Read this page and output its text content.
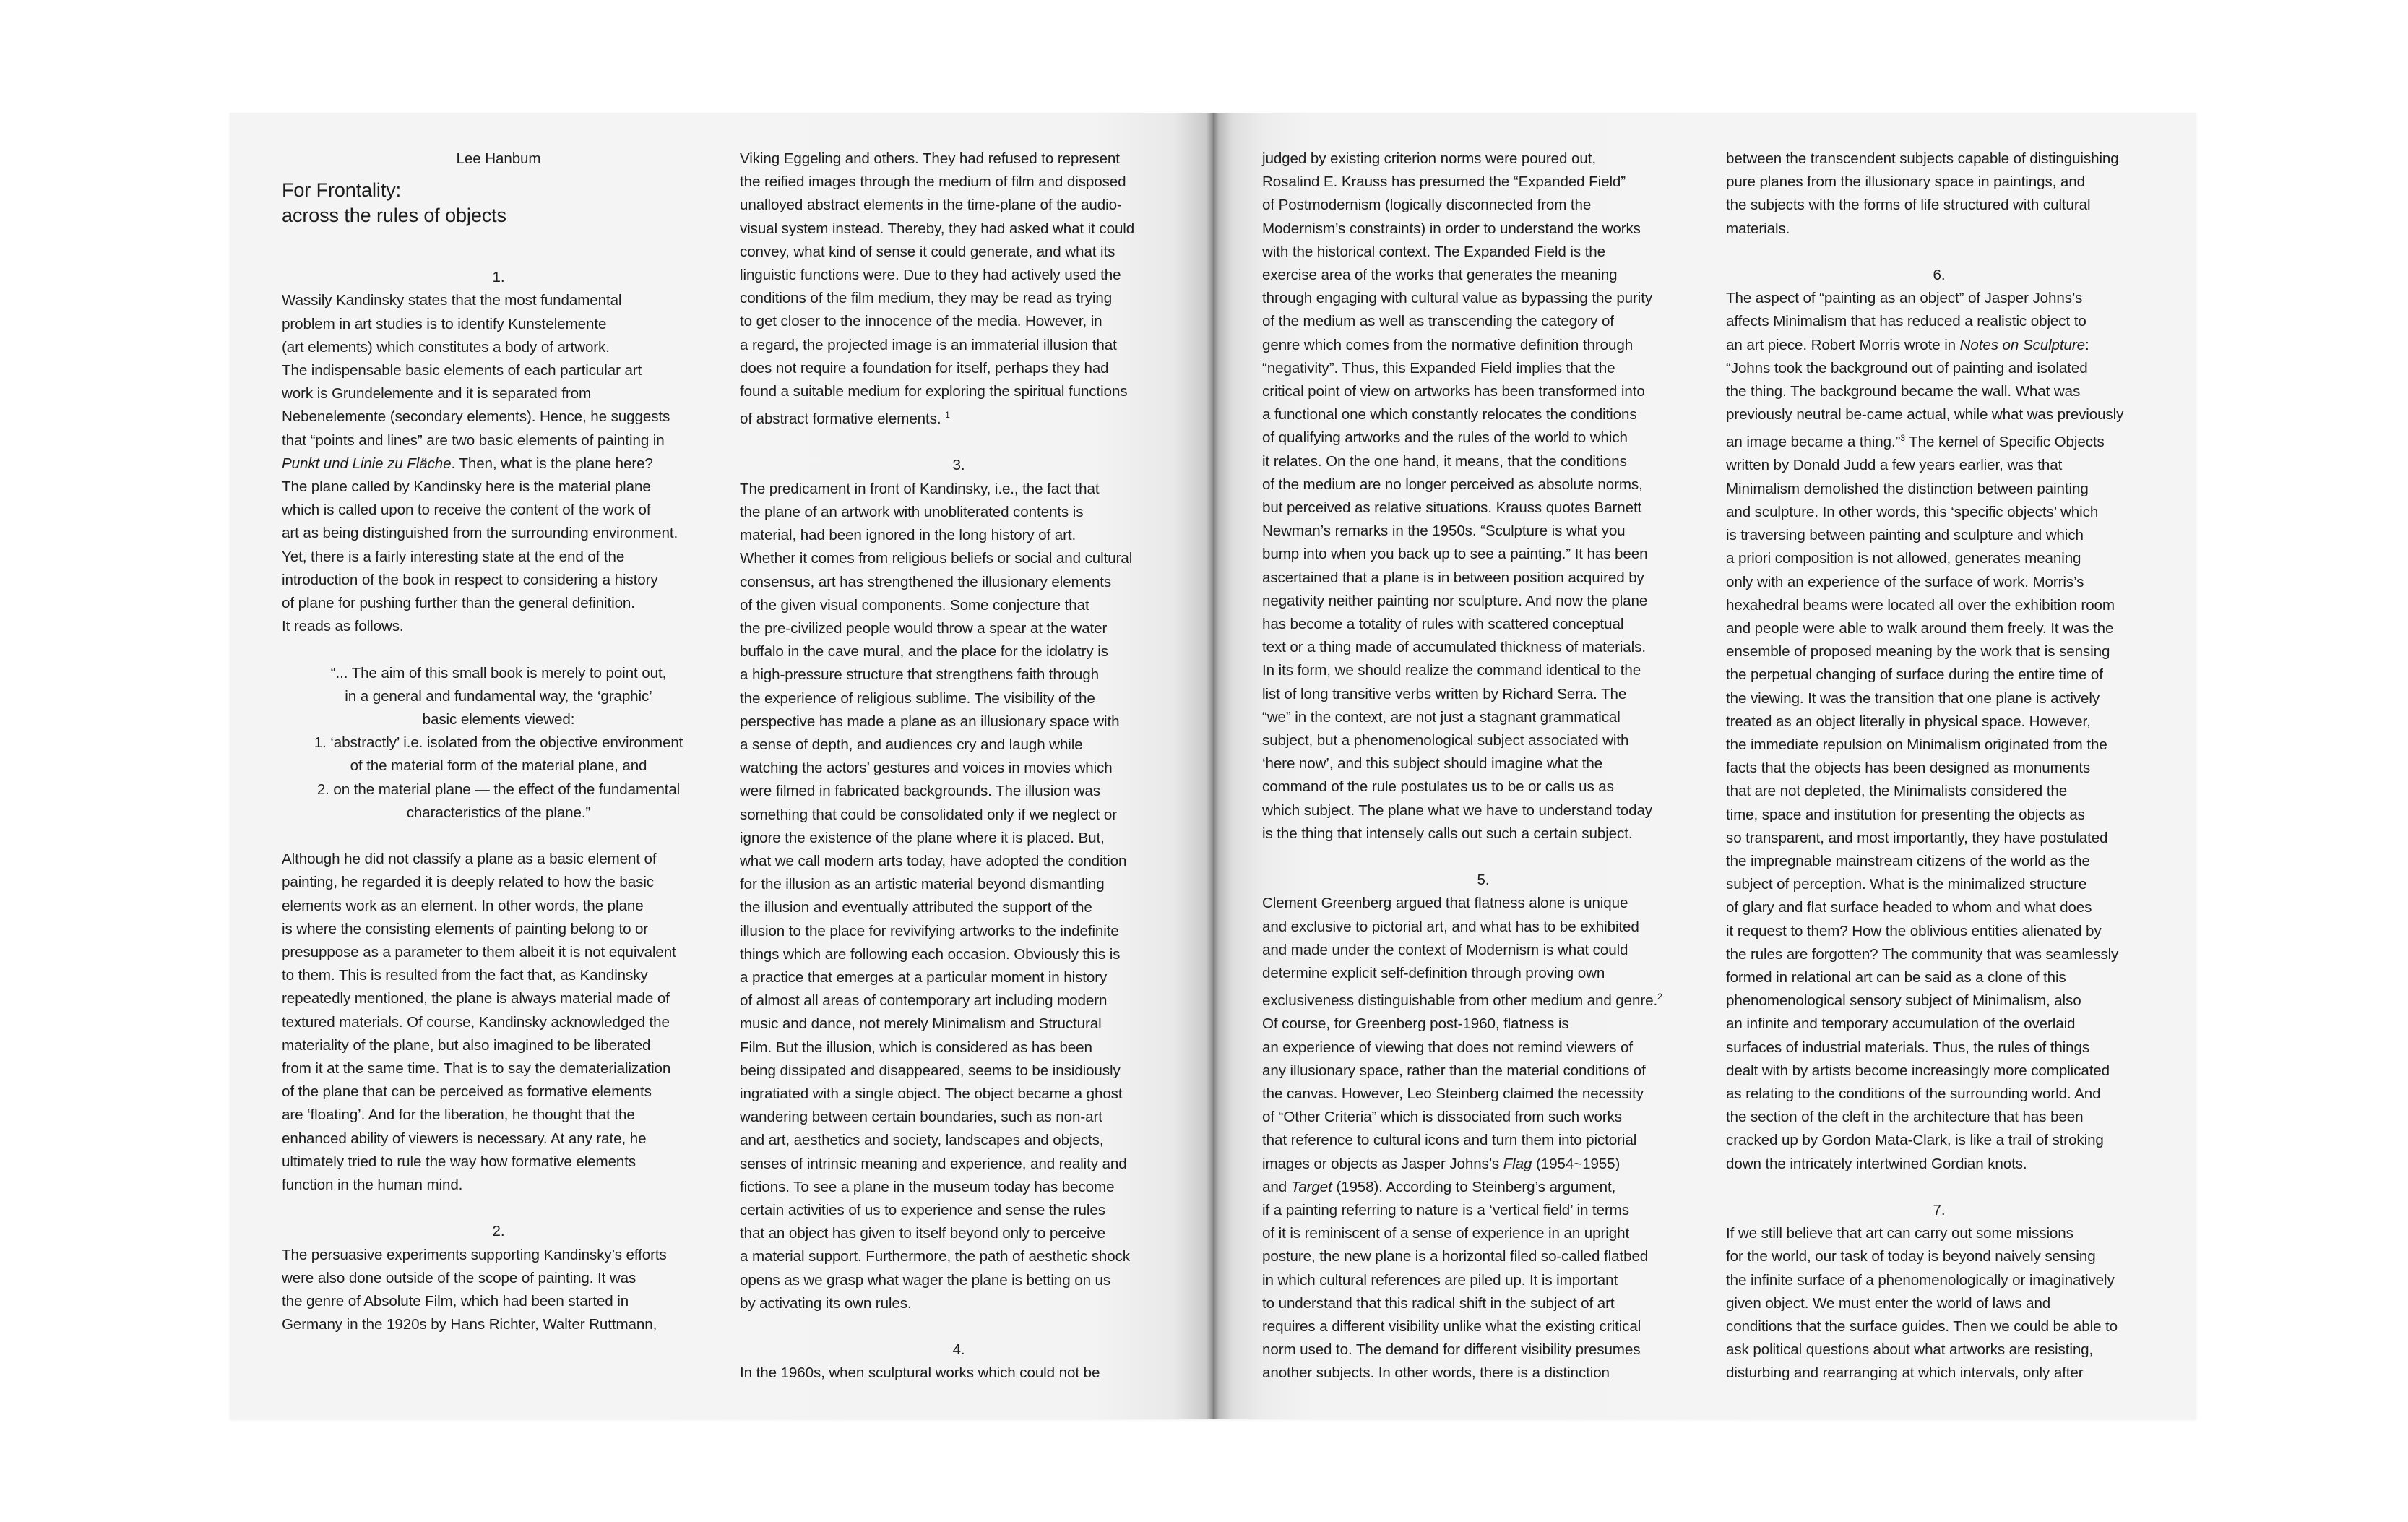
Lee Hanbum
For Frontality:
across the rules of objects
1.
Wassily Kandinsky states that the most fundamental
problem in art studies is to identify Kunstelemente
(art elements) which constitutes a body of artwork.
The indispensable basic elements of each particular art
work is Grundelemente and it is separated from
Nebenelemente (secondary elements). Hence, he suggests
that “points and lines” are two basic elements of painting in
Punkt und Linie zu Fläche. Then, what is the plane here?
The plane called by Kandinsky here is the material plane
which is called upon to receive the content of the work of
art as being distinguished from the surrounding environment.
Yet, there is a fairly interesting state at the end of the
introduction of the book in respect to considering a history
of plane for pushing further than the general definition.
It reads as follows.
“... The aim of this small book is merely to point out,
in a general and fundamental way, the ‘graphic’
basic elements viewed:
1. ‘abstractly’ i.e. isolated from the objective environment
of the material form of the material plane, and
2. on the material plane — the effect of the fundamental
characteristics of the plane.”
Although he did not classify a plane as a basic element of
painting, he regarded it is deeply related to how the basic
elements work as an element. In other words, the plane
is where the consisting elements of painting belong to or
presuppose as a parameter to them albeit it is not equivalent
to them. This is resulted from the fact that, as Kandinsky
repeatedly mentioned, the plane is always material made of
textured materials. Of course, Kandinsky acknowledged the
materiality of the plane, but also imagined to be liberated
from it at the same time. That is to say the dematerialization
of the plane that can be perceived as formative elements
are ‘floating’. And for the liberation, he thought that the
enhanced ability of viewers is necessary. At any rate, he
ultimately tried to rule the way how formative elements
function in the human mind.
2.
The persuasive experiments supporting Kandinsky’s efforts
were also done outside of the scope of painting. It was
the genre of Absolute Film, which had been started in
Germany in the 1920s by Hans Richter, Walter Ruttmann,
Viking Eggeling and others. They had refused to represent
the reified images through the medium of film and disposed
unalloyed abstract elements in the time-plane of the audio-
visual system instead. Thereby, they had asked what it could
convey, what kind of sense it could generate, and what its
linguistic functions were. Due to they had actively used the
conditions of the film medium, they may be read as trying
to get closer to the innocence of the media. However, in
a regard, the projected image is an immaterial illusion that
does not require a foundation for itself, perhaps they had
found a suitable medium for exploring the spiritual functions
of abstract formative elements. $^1$
3.
The predicament in front of Kandinsky, i.e., the fact that
the plane of an artwork with unobliterated contents is
material, had been ignored in the long history of art.
Whether it comes from religious beliefs or social and cultural
consensus, art has strengthened the illusionary elements
of the given visual components. Some conjecture that
the pre-civilized people would throw a spear at the water
buffalo in the cave mural, and the place for the idolatry is
a high-pressure structure that strengthens faith through
the experience of religious sublime. The visibility of the
perspective has made a plane as an illusionary space with
a sense of depth, and audiences cry and laugh while
watching the actors’ gestures and voices in movies which
were filmed in fabricated backgrounds. The illusion was
something that could be consolidated only if we neglect or
ignore the existence of the plane where it is placed. But,
what we call modern arts today, have adopted the condition
for the illusion as an artistic material beyond dismantling
the illusion and eventually attributed the support of the
illusion to the place for revivifying artworks to the indefinite
things which are following each occasion. Obviously this is
a practice that emerges at a particular moment in history
of almost all areas of contemporary art including modern
music and dance, not merely Minimalism and Structural
Film. But the illusion, which is considered as has been
being dissipated and disappeared, seems to be insidiously
ingratiated with a single object. The object became a ghost
wandering between certain boundaries, such as non-art
and art, aesthetics and society, landscapes and objects,
senses of intrinsic meaning and experience, and reality and
fictions. To see a plane in the museum today has become
certain activities of us to experience and sense the rules
that an object has given to itself beyond only to perceive
a material support. Furthermore, the path of aesthetic shock
opens as we grasp what wager the plane is betting on us
by activating its own rules.
4.
In the 1960s, when sculptural works which could not be
judged by existing criterion norms were poured out,
Rosalind E. Krauss has presumed the “Expanded Field”
of Postmodernism (logically disconnected from the
Modernism’s constraints) in order to understand the works
with the historical context. The Expanded Field is the
exercise area of the works that generates the meaning
through engaging with cultural value as bypassing the purity
of the medium as well as transcending the category of
genre which comes from the normative definition through
“negativity”. Thus, this Expanded Field implies that the
critical point of view on artworks has been transformed into
a functional one which constantly relocates the conditions
of qualifying artworks and the rules of the world to which
it relates. On the one hand, it means, that the conditions
of the medium are no longer perceived as absolute norms,
but perceived as relative situations. Krauss quotes Barnett
Newman’s remarks in the 1950s. “Sculpture is what you
bump into when you back up to see a painting.” It has been
ascertained that a plane is in between position acquired by
negativity neither painting nor sculpture. And now the plane
has become a totality of rules with scattered conceptual
text or a thing made of accumulated thickness of materials.
In its form, we should realize the command identical to the
list of long transitive verbs written by Richard Serra. The
“we” in the context, are not just a stagnant grammatical
subject, but a phenomenological subject associated with
‘here now’, and this subject should imagine what the
command of the rule postulates us to be or calls us as
which subject. The plane what we have to understand today
is the thing that intensely calls out such a certain subject.
5.
Clement Greenberg argued that flatness alone is unique
and exclusive to pictorial art, and what has to be exhibited
and made under the context of Modernism is what could
determine explicit self-definition through proving own
exclusiveness distinguishable from other medium and genre.$^2$
Of course, for Greenberg post-1960, flatness is
an experience of viewing that does not remind viewers of
any illusionary space, rather than the material conditions of
the canvas. However, Leo Steinberg claimed the necessity
of “Other Criteria” which is dissociated from such works
that reference to cultural icons and turn them into pictorial
images or objects as Jasper Johns’s Flag (1954~1955)
and Target (1958). According to Steinberg’s argument,
if a painting referring to nature is a ‘vertical field’ in terms
of it is reminiscent of a sense of experience in an upright
posture, the new plane is a horizontal filed so-called flatbed
in which cultural references are piled up. It is important
to understand that this radical shift in the subject of art
requires a different visibility unlike what the existing critical
norm used to. The demand for different visibility presumes
another subjects. In other words, there is a distinction
between the transcendent subjects capable of distinguishing
pure planes from the illusionary space in paintings, and
the subjects with the forms of life structured with cultural
materials.
6.
The aspect of “painting as an object” of Jasper Johns’s
affects Minimalism that has reduced a realistic object to
an art piece. Robert Morris wrote in Notes on Sculpture:
“Johns took the background out of painting and isolated
the thing. The background became the wall. What was
previously neutral be-came actual, while what was previously
an image became a thing.”$^3$ The kernel of Specific Objects
written by Donald Judd a few years earlier, was that
Minimalism demolished the distinction between painting
and sculpture. In other words, this ‘specific objects’ which
is traversing between painting and sculpture and which
a priori composition is not allowed, generates meaning
only with an experience of the surface of work. Morris’s
hexahedral beams were located all over the exhibition room
and people were able to walk around them freely. It was the
ensemble of proposed meaning by the work that is sensing
the perpetual changing of surface during the entire time of
the viewing. It was the transition that one plane is actively
treated as an object literally in physical space. However,
the immediate repulsion on Minimalism originated from the
facts that the objects has been designed as monuments
that are not depleted, the Minimalists considered the
time, space and institution for presenting the objects as
so transparent, and most importantly, they have postulated
the impregnable mainstream citizens of the world as the
subject of perception. What is the minimalized structure
of glary and flat surface headed to whom and what does
it request to them? How the oblivious entities alienated by
the rules are forgotten? The community that was seamlessly
formed in relational art can be said as a clone of this
phenomenological sensory subject of Minimalism, also
an infinite and temporary accumulation of the overlaid
surfaces of industrial materials. Thus, the rules of things
dealt with by artists become increasingly more complicated
as relating to the conditions of the surrounding world. And
the section of the cleft in the architecture that has been
cracked up by Gordon Mata-Clark, is like a trail of stroking
down the intricately intertwined Gordian knots.
7.
If we still believe that art can carry out some missions
for the world, our task of today is beyond naively sensing
the infinite surface of a phenomenologically or imaginatively
given object. We must enter the world of laws and
conditions that the surface guides. Then we could be able to
ask political questions about what artworks are resisting,
disturbing and rearranging at which intervals, only after
